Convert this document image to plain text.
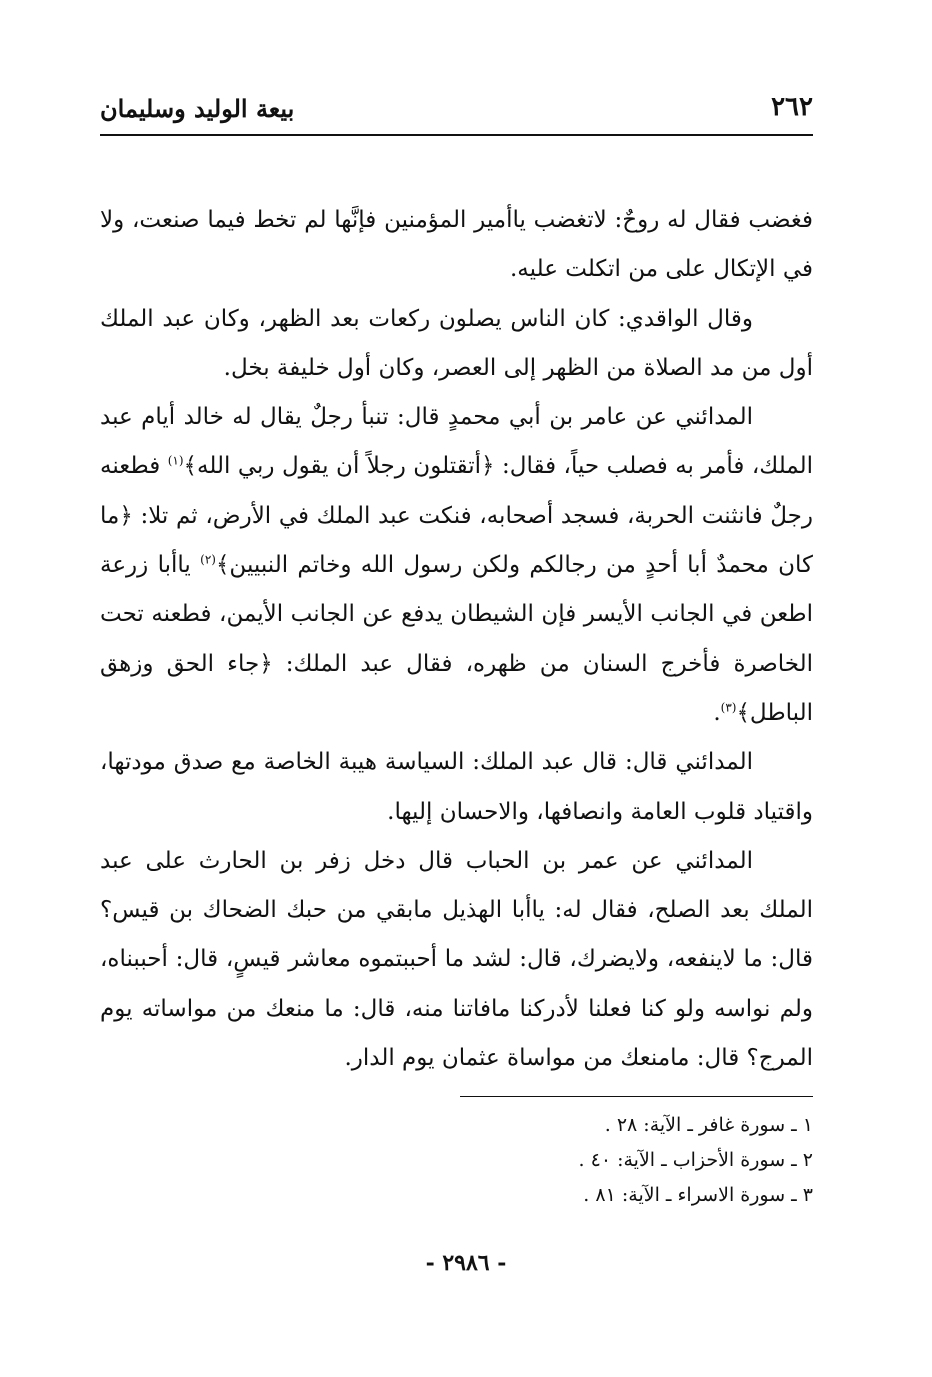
٢٦٢
بيعة الوليد وسليمان

فغضب فقال له روحٌ: لاتغضب ياأمير المؤمنين فإنَّها لم تخط فيما صنعت، ولا في الإتكال على من اتكلت عليه.

وقال الواقدي: كان الناس يصلون ركعات بعد الظهر، وكان عبد الملك أول من مد الصلاة من الظهر إلى العصر، وكان أول خليفة بخل.

المدائني عن عامر بن أبي محمدٍ قال: تنبأ رجلٌ يقال له خالد أيام عبد الملك، فأمر به فصلب حياً، فقال: ﴿أتقتلون رجلاً أن يقول ربي الله﴾$^{(١)}$ فطعنه رجلٌ فانثنت الحربة، فسجد أصحابه، فنكت عبد الملك في الأرض، ثم تلا: ﴿ما كان محمدٌ أبا أحدٍ من رجالكم ولكن رسول الله وخاتم النبيين﴾$^{(٢)}$ ياأبا زرعة اطعن في الجانب الأيسر فإن الشيطان يدفع عن الجانب الأيمن، فطعنه تحت الخاصرة فأخرج السنان من ظهره، فقال عبد الملك: ﴿جاء الحق وزهق الباطل﴾$^{(٣)}$.

المدائني قال: قال عبد الملك: السياسة هيبة الخاصة مع صدق مودتها، واقتياد قلوب العامة وانصافها، والاحسان إليها.

المدائني عن عمر بن الحباب قال دخل زفر بن الحارث على عبد الملك بعد الصلح، فقال له: ياأبا الهذيل مابقي من حبك الضحاك بن قيس؟ قال: ما لاينفعه، ولايضرك، قال: لشد ما أحببتموه معاشر قيسٍ، قال: أحببناه، ولم نواسه ولو كنا فعلنا لأدركنا مافاتنا منه، قال: ما منعك من مواساته يوم المرج؟ قال: مامنعك من مواساة عثمان يوم الدار.

١ ـ سورة غافر ـ الآية: ٢٨ .

٢ ـ سورة الأحزاب ـ الآية: ٤٠ .

٣ ـ سورة الاسراء ـ الآية: ٨١ .

- ٢٩٨٦ -
